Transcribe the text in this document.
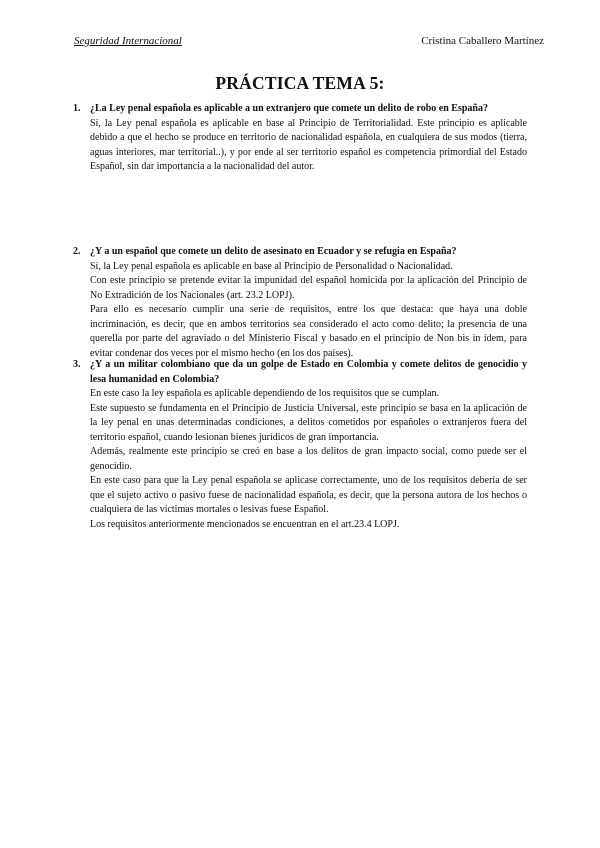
Seguridad Internacional	Cristina Caballero Martínez
PRÁCTICA TEMA 5:
1. ¿La Ley penal española es aplicable a un extranjero que comete un delito de robo en España?

Sí, la Ley penal española es aplicable en base al Principio de Territorialidad. Este principio es aplicable debido a que el hecho se produce en territorio de nacionalidad española, en cualquiera de sus modos (tierra, aguas interiores, mar territorial..), y por ende al ser territorio español es competencia primordial del Estado Español, sin dar importancia a la nacionalidad del autor.

2. ¿Y a un español que comete un delito de asesinato en Ecuador y se refugia en España?

Sí, la Ley penal española es aplicable en base al Principio de Personalidad o Nacionalidad.

Con este principio se pretende evitar la impunidad del español homicida por la aplicación del Principio de No Extradición de los Nacionales (art. 23.2 LOPJ).

Para ello es necesario cumplir una serie de requisitos, entre los que destaca: que haya una doble incriminación, es decir, que en ambos territorios sea considerado el acto como delito; la presencia de una querella por parte del agraviado o del Ministerio Fiscal y basado en el principio de Non bis in idem, para evitar condenar dos veces por el mismo hecho (en los dos países).

3. ¿Y a un militar colombiano que da un golpe de Estado en Colombia y comete delitos de genocidio y lesa humanidad en Colombia?

En este caso la ley española es aplicable dependiendo de los requisitos que se cumplan.

Este supuesto se fundamenta en el Principio de Justicia Universal, este principio se basa en la aplicación de la ley penal en unas determinadas condiciones, a delitos cometidos por españoles o extranjeros fuera del territorio español, cuando lesionan bienes jurídicos de gran importancia.

Además, realmente este principio se creó en base a los delitos de gran impacto social, como puede ser el genocidio.

En este caso para que la Ley penal española se aplicase correctamente, uno de los requisitos debería de ser que el sujeto activo o pasivo fuese de nacionalidad española, es decir, que la persona autora de los hechos o cualquiera de las víctimas mortales o lesivas fuese Español.

Los requisitos anteriormente mencionados se encuentran en el art.23.4 LOPJ.
